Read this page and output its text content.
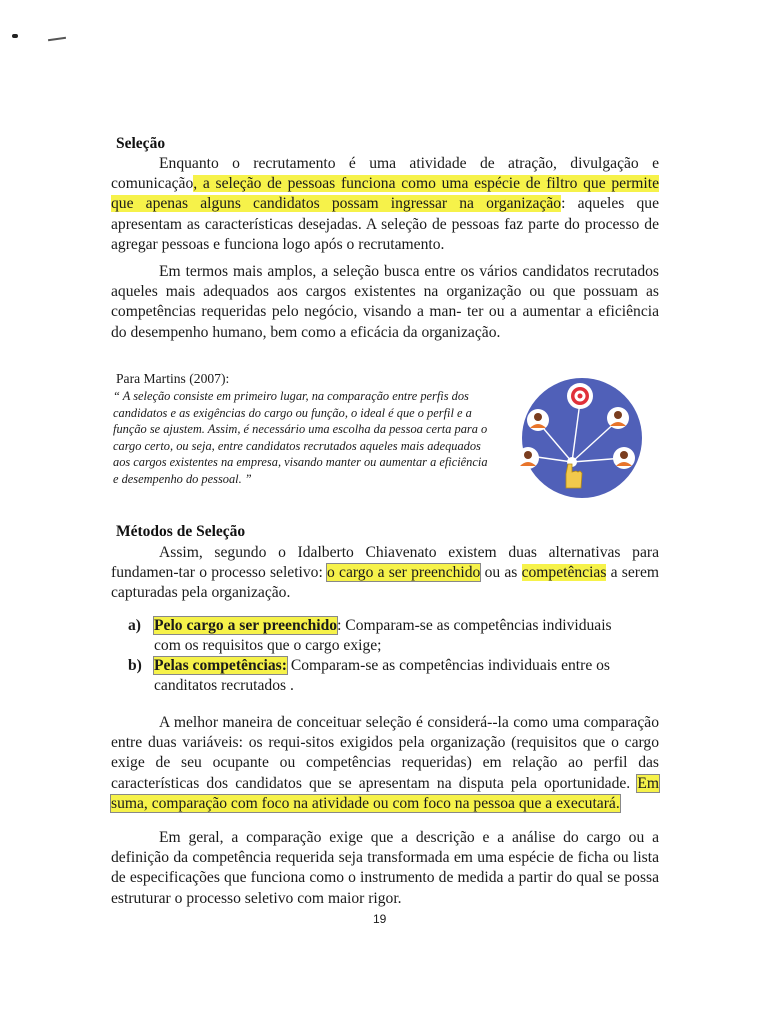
Seleção
Enquanto o recrutamento é uma atividade de atração, divulgação e comunicação, a seleção de pessoas funciona como uma espécie de filtro que permite que apenas alguns candidatos possam ingressar na organização: aqueles que apresentam as características desejadas. A seleção de pessoas faz parte do processo de agregar pessoas e funciona logo após o recrutamento.
Em termos mais amplos, a seleção busca entre os vários candidatos recrutados aqueles mais adequados aos cargos existentes na organização ou que possuam as competências requeridas pelo negócio, visando a man- ter ou a aumentar a eficiência do desempenho humano, bem como a eficácia da organização.
Para Martins (2007):
“ A seleção consiste em primeiro lugar, na comparação entre perfis dos candidatos e as exigências do cargo ou função, o ideal é que o perfil e a função se ajustem. Assim, é necessário uma escolha da pessoa certa para o cargo certo, ou seja, entre candidatos recrutados aqueles mais adequados aos cargos existentes na empresa, visando manter ou aumentar a eficiência e desempenho do pessoal. ”
Métodos de Seleção
Assim, segundo o Idalberto Chiavenato existem duas alternativas para fundamen-tar o processo seletivo: o cargo a ser preenchido ou as competências a serem capturadas pela organização.
a) Pelo cargo a ser preenchido: Comparam-se as competências individuais
com os requisitos que o cargo exige;
b) Pelas competências: Comparam-se as competências individuais entre os
canditatos recrutados .
A melhor maneira de conceituar seleção é considerá--la como uma comparação entre duas variáveis: os requi-sitos exigidos pela organização (requisitos que o cargo exige de seu ocupante ou competências requeridas) em relação ao perfil das características dos candidatos que se apresentam na disputa pela oportunidade. Em suma, comparação com foco na atividade ou com foco na pessoa que a executará.
Em geral, a comparação exige que a descrição e a análise do cargo ou a definição da competência requerida seja transformada em uma espécie de ficha ou lista de especificações que funciona como o instrumento de medida a partir do qual se possa estruturar o processo seletivo com maior rigor.
19
